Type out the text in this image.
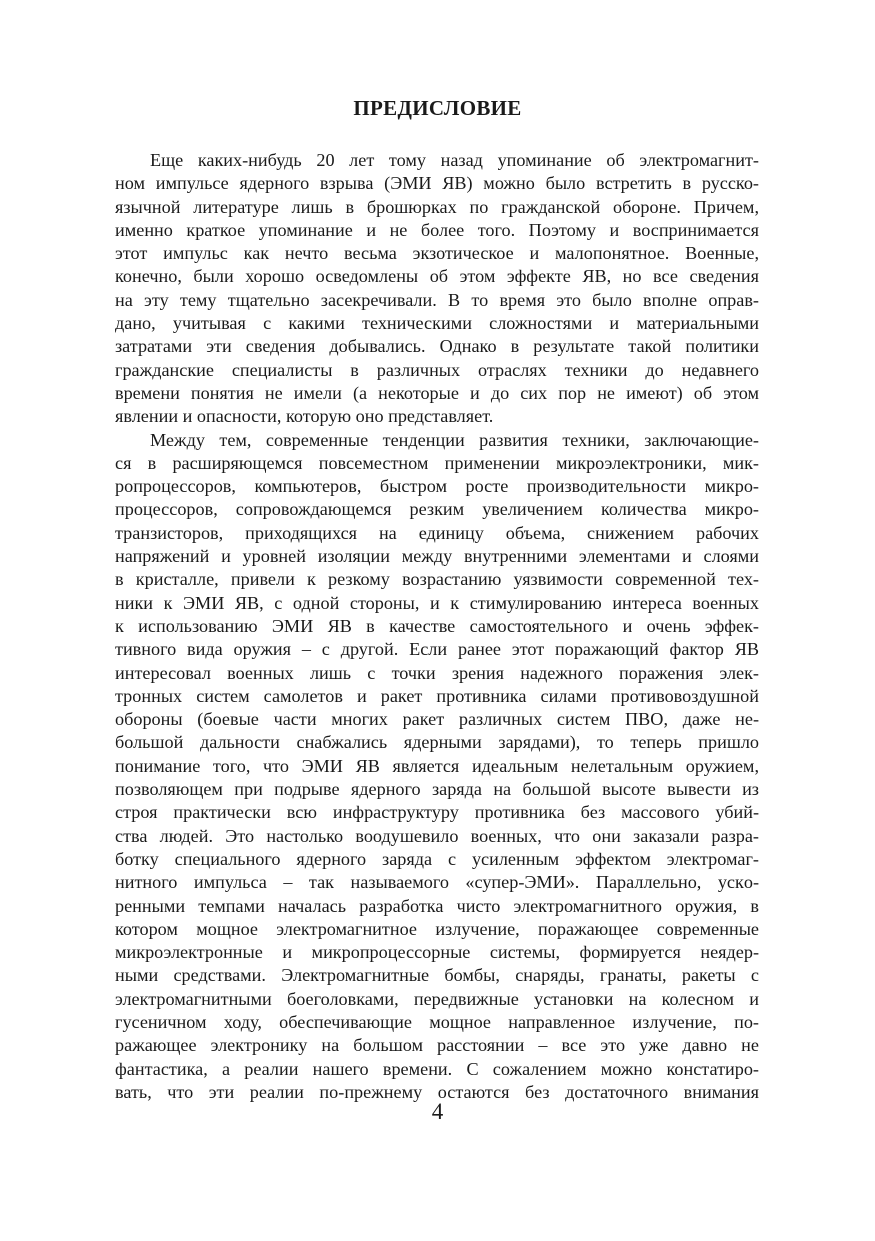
ПРЕДИСЛОВИЕ
Еще каких-нибудь 20 лет тому назад упоминание об электромагнит-
ном импульсе ядерного взрыва (ЭМИ ЯВ) можно было встретить в русско-
язычной литературе лишь в брошюрках по гражданской обороне. Причем,
именно краткое упоминание и не более того. Поэтому и воспринимается
этот импульс как нечто весьма экзотическое и малопонятное. Военные,
конечно, были хорошо осведомлены об этом эффекте ЯВ, но все сведения
на эту тему тщательно засекречивали. В то время это было вполне оправ-
дано, учитывая с какими техническими сложностями и материальными
затратами эти сведения добывались. Однако в результате такой политики
гражданские специалисты в различных отраслях техники до недавнего
времени понятия не имели (а некоторые и до сих пор не имеют) об этом
явлении и опасности, которую оно представляет.
Между тем, современные тенденции развития техники, заключающие-
ся в расширяющемся повсеместном применении микроэлектроники, мик-
ропроцессоров, компьютеров, быстром росте производительности микро-
процессоров, сопровождающемся резким увеличением количества микро-
транзисторов, приходящихся на единицу объема, снижением рабочих
напряжений и уровней изоляции между внутренними элементами и слоями
в кристалле, привели к резкому возрастанию уязвимости современной тех-
ники к ЭМИ ЯВ, с одной стороны, и к стимулированию интереса военных
к использованию ЭМИ ЯВ в качестве самостоятельного и очень эффек-
тивного вида оружия – с другой. Если ранее этот поражающий фактор ЯВ
интересовал военных лишь с точки зрения надежного поражения элек-
тронных систем самолетов и ракет противника силами противовоздушной
обороны (боевые части многих ракет различных систем ПВО, даже не-
большой дальности снабжались ядерными зарядами), то теперь пришло
понимание того, что ЭМИ ЯВ является идеальным нелетальным оружием,
позволяющем при подрыве ядерного заряда на большой высоте вывести из
строя практически всю инфраструктуру противника без массового убий-
ства людей. Это настолько воодушевило военных, что они заказали разра-
ботку специального ядерного заряда с усиленным эффектом электромаг-
нитного импульса – так называемого «супер-ЭМИ». Параллельно, ускo-
ренными темпами началась разработка чисто электромагнитного оружия, в
котором мощное электромагнитное излучение, поражающее современные
микроэлектронные и микропроцессорные системы, формируется неядер-
ными средствами. Электромагнитные бомбы, снаряды, гранаты, ракеты с
электромагнитными боеголовками, передвижные установки на колесном и
гусеничном ходу, обеспечивающие мощное направленное излучение, по-
ражающее электронику на большом расстоянии – все это уже давно не
фантастика, а реалии нашего времени. С сожалением можно констатиро-
вать, что эти реалии по-прежнему остаются без достаточного внимания
4
